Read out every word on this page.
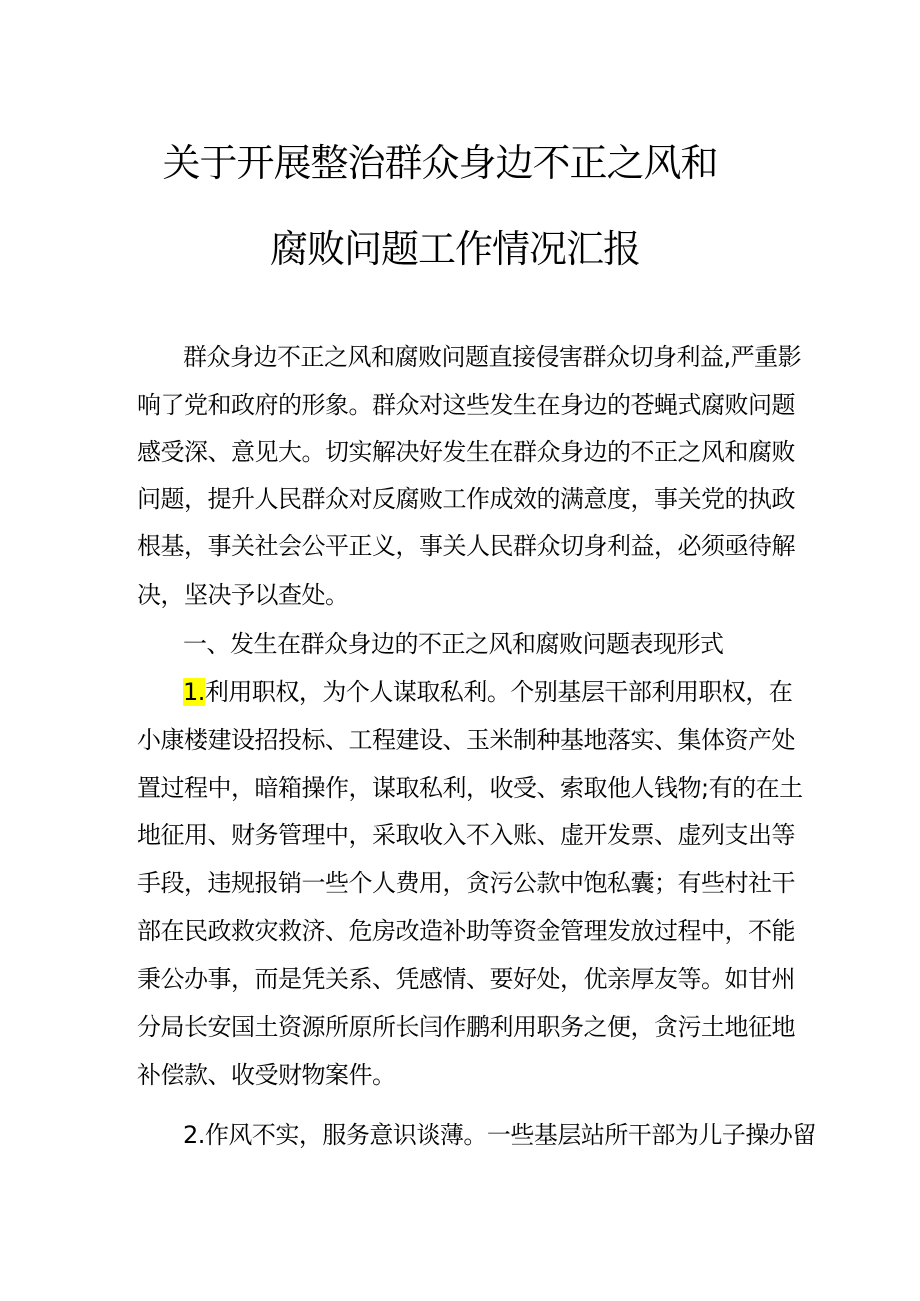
关于开展整治群众身边不正之风和
腐败问题工作情况汇报
群众身边不正之风和腐败问题直接侵害群众切身利益,严重影
响了党和政府的形象。群众对这些发生在身边的苍蝇式腐败问题
感受深、意见大。切实解决好发生在群众身边的不正之风和腐败
问题，提升人民群众对反腐败工作成效的满意度，事关党的执政
根基，事关社会公平正义，事关人民群众切身利益，必须亟待解
决，坚决予以查处。
一、发生在群众身边的不正之风和腐败问题表现形式
1.利用职权，为个人谋取私利。个别基层干部利用职权，在
小康楼建设招投标、工程建设、玉米制种基地落实、集体资产处
置过程中，暗箱操作，谋取私利，收受、索取他人钱物;有的在土
地征用、财务管理中，采取收入不入账、虚开发票、虚列支出等
手段，违规报销一些个人费用，贪污公款中饱私囊；有些村社干
部在民政救灾救济、危房改造补助等资金管理发放过程中，不能
秉公办事，而是凭关系、凭感情、要好处，优亲厚友等。如甘州
分局长安国土资源所原所长闫作鹏利用职务之便，贪污土地征地
补偿款、收受财物案件。
2.作风不实，服务意识谈薄。一些基层站所干部为儿子操办留
